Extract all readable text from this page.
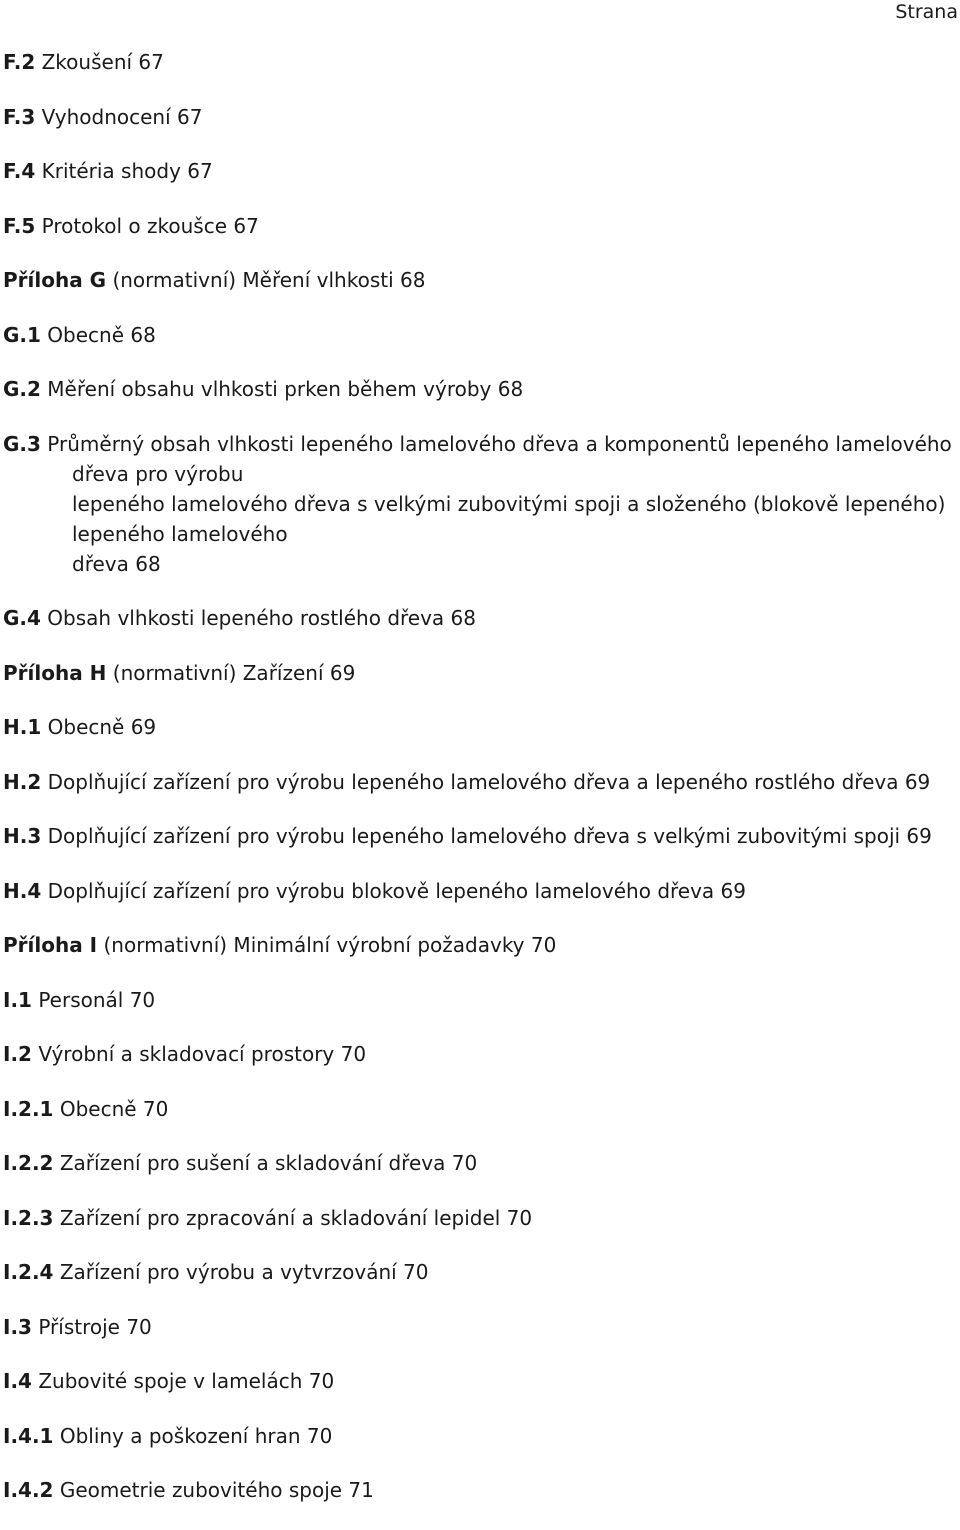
Strana
F.2 Zkoušení 67
F.3 Vyhodnocení 67
F.4 Kritéria shody 67
F.5 Protokol o zkoušce 67
Příloha G (normativní) Měření vlhkosti 68
G.1 Obecně 68
G.2 Měření obsahu vlhkosti prken během výroby 68
G.3 Průměrný obsah vlhkosti lepeného lamelového dřeva a komponentů lepeného lamelového
dřeva pro výrobu
lepeného lamelového dřeva s velkými zubovitými spoji a složeného (blokově lepeného)
lepeného lamelového
dřeva 68
G.4 Obsah vlhkosti lepeného rostlého dřeva 68
Příloha H (normativní) Zařízení 69
H.1 Obecně 69
H.2 Doplňující zařízení pro výrobu lepeného lamelového dřeva a lepeného rostlého dřeva 69
H.3 Doplňující zařízení pro výrobu lepeného lamelového dřeva s velkými zubovitými spoji 69
H.4 Doplňující zařízení pro výrobu blokově lepeného lamelového dřeva 69
Příloha I (normativní) Minimální výrobní požadavky 70
I.1 Personál 70
I.2 Výrobní a skladovací prostory 70
I.2.1 Obecně 70
I.2.2 Zařízení pro sušení a skladování dřeva 70
I.2.3 Zařízení pro zpracování a skladování lepidel 70
I.2.4 Zařízení pro výrobu a vytvrzování 70
I.3 Přístroje 70
I.4 Zubovité spoje v lamelách 70
I.4.1 Obliny a poškození hran 70
I.4.2 Geometrie zubovitého spoje 71
